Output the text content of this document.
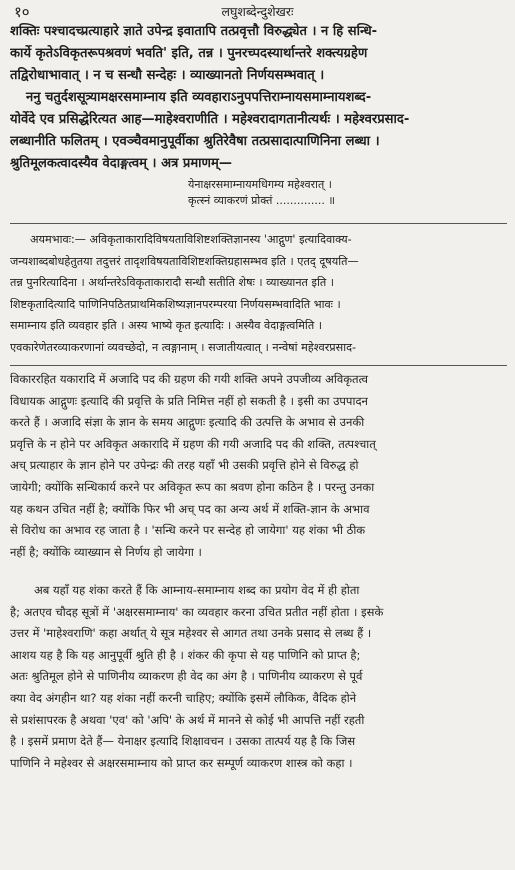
१०	लघुशब्देन्दुशेखरः
शक्तिः पश्चादच्प्रत्याहारे ज्ञाते उपेन्द्र इवातापि तत्प्रवृत्तौ विरुद्ध्येत । न हि सन्धि-
कार्ये कृतेऽविकृतरूपश्रवणं भवति' इति, तन्न । पुनरच्पदस्यार्थान्तरे शक्त्यग्रहेण
तद्विरोधाभावात् । न च सन्धौ सन्देहः । व्याख्यानतो निर्णयसम्भवात् ।
ननु चतुर्दशसूत्र्यामक्षरसमाम्नाय इति व्यवहाराऽनुपपत्तिराम्नायसमाम्नायशब्द-
योर्वेदे एव प्रसिद्धेरित्यत आह—माहेश्वराणीति । महेश्वरादागतानीत्यर्थः । महेश्वरप्रसाद-
लब्धानीति फलितम् । एवञ्चैवमानुपूर्वीका श्रुतिरेवैषा तत्प्रसादात्पाणिनिना लब्धा ।
श्रुतिमूलकत्वादस्यैव वेदाङ्गत्वम् । अत्र प्रमाणम्—
येनाक्षरसमाम्नायमधिगम्य महेश्वरात् ।
कृत्स्नं व्याकरणं प्रोक्तं .............. ॥
अयमभावः:— अविकृताकारादिविषयताविशिष्टशक्तिज्ञानस्य 'आद्गुण' इत्यादिवाक्य-
जन्यशाब्दबोधहेतुतया तदुत्तरं तादृशविषयताविशिष्टशक्तिग्रहासम्भव इति । एतद् दूषयति—
तन्न पुनरित्यादिना । अर्थान्तरेऽविकृताकारादौ सन्धौ सतीति शेषः । व्याख्यानत इति ।
शिष्टकृतादित्यादि पाणिनिपठितप्राथमिकशिष्यज्ञानपरम्परया निर्णयसम्भवादिति भावः ।
समाम्नाय इति व्यवहार इति । अस्य भाष्ये कृत इत्यादिः । अस्यैव वेदाङ्गत्वमिति ।
एवकारेणेतरव्याकरणानां व्यवच्छेदो, न त्वङ्गानाम् । सजातीयत्वात् । नन्वेषां महेश्वरप्रसाद-
विकाररहित यकारादि में अजादि पद की ग्रहण की गयी शक्ति अपने उपजीव्य अविकृतत्व
विधायक आद्गुणः इत्यादि की प्रवृत्ति के प्रति निमित्त नहीं हो सकती है । इसी का उपपादन
करते हैं । अजादि संज्ञा के ज्ञान के समय आद्गुणः इत्यादि की उत्पत्ति के अभाव से उनकी
प्रवृत्ति के न होने पर अविकृत अकारादि में ग्रहण की गयी अजादि पद की शक्ति, तत्पश्चात्
अच् प्रत्याहार के ज्ञान होने पर उपेन्द्रः की तरह यहाँ भी उसकी प्रवृत्ति होने से विरुद्ध हो
जायेगी; क्योंकि सन्धिकार्य करने पर अविकृत रूप का श्रवण होना कठिन है । परन्तु उनका
यह कथन उचित नहीं है; क्योंकि फिर भी अच् पद का अन्य अर्थ में शक्ति-ज्ञान के अभाव
से विरोध का अभाव रह जाता है । 'सन्धि करने पर सन्देह हो जायेगा' यह शंका भी ठीक
नहीं है; क्योंकि व्याख्यान से निर्णय हो जायेगा ।
अब यहाँ यह शंका करते हैं कि आम्नाय-समाम्नाय शब्द का प्रयोग वेद में ही होता
है; अतएव चौदह सूत्रों में 'अक्षरसमाम्नाय' का व्यवहार करना उचित प्रतीत नहीं होता । इसके
उत्तर में 'माहेश्वराणि' कहा अर्थात् ये सूत्र महेश्वर से आगत तथा उनके प्रसाद से लब्ध हैं ।
आशय यह है कि यह आनुपूर्वी श्रुति ही है । शंकर की कृपा से यह पाणिनि को प्राप्त है;
अतः श्रुतिमूल होने से पाणिनीय व्याकरण ही वेद का अंग है । पाणिनीय व्याकरण से पूर्व
क्या वेद अंगहीन था? यह शंका नहीं करनी चाहिए; क्योंकि इसमें लौकिक, वैदिक होने
से प्रशंसापरक है अथवा 'एव' को 'अपि' के अर्थ में मानने से कोई भी आपत्ति नहीं रहती
है । इसमें प्रमाण देते हैं— येनाक्षर इत्यादि शिक्षावचन । उसका तात्पर्य यह है कि जिस
पाणिनि ने महेश्वर से अक्षरसमाम्नाय को प्राप्त कर सम्पूर्ण व्याकरण शास्त्र को कहा ।
